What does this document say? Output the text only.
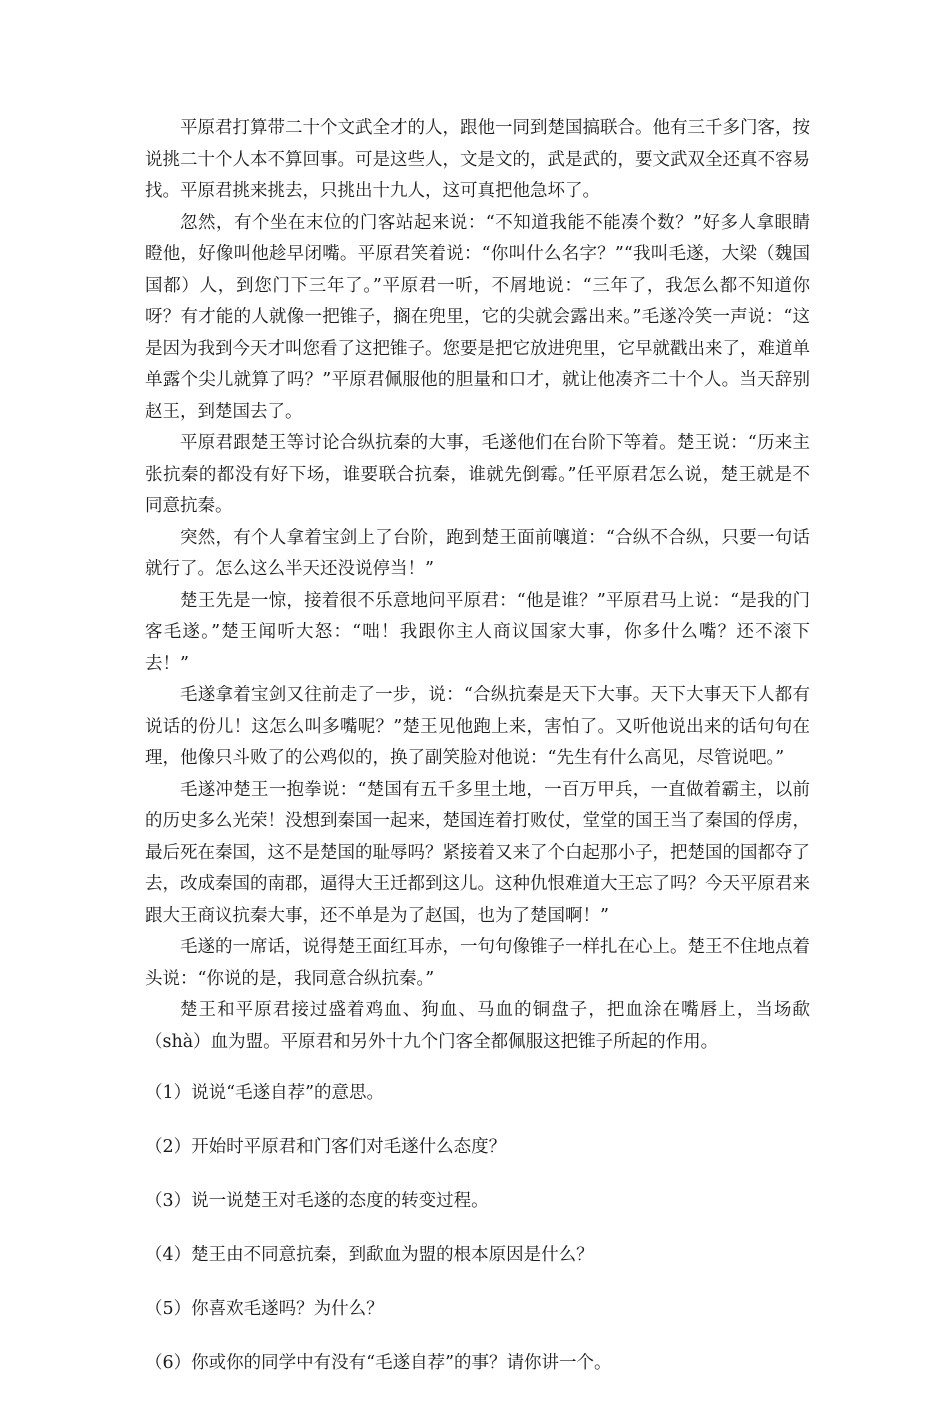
平原君打算带二十个文武全才的人，跟他一同到楚国搞联合。他有三千多门客，按说挑二十个人本不算回事。可是这些人，文是文的，武是武的，要文武双全还真不容易找。平原君挑来挑去，只挑出十九人，这可真把他急坏了。

忽然，有个坐在末位的门客站起来说：“不知道我能不能凑个数？”好多人拿眼睛瞪他，好像叫他趁早闭嘴。平原君笑着说：“你叫什么名字？”“我叫毛遂，大梁（魏国国都）人，到您门下三年了。”平原君一听，不屑地说：“三年了，我怎么都不知道你呀？有才能的人就像一把锥子，搁在兜里，它的尖就会露出来。”毛遂冷笑一声说：“这是因为我到今天才叫您看了这把锥子。您要是把它放进兜里，它早就戳出来了，难道单单露个尖儿就算了吗？”平原君佩服他的胆量和口才，就让他凑齐二十个人。当天辞别赵王，到楚国去了。

平原君跟楚王等讨论合纵抗秦的大事，毛遂他们在台阶下等着。楚王说：“历来主张抗秦的都没有好下场，谁要联合抗秦，谁就先倒霉。”任平原君怎么说，楚王就是不同意抗秦。

突然，有个人拿着宝剑上了台阶，跑到楚王面前嚷道：“合纵不合纵，只要一句话就行了。怎么这么半天还没说停当！”

楚王先是一惊，接着很不乐意地问平原君：“他是谁？”平原君马上说：“是我的门客毛遂。”楚王闻听大怒：“咄！我跟你主人商议国家大事，你多什么嘴？还不滚下去！”

毛遂拿着宝剑又往前走了一步，说：“合纵抗秦是天下大事。天下大事天下人都有说话的份儿！这怎么叫多嘴呢？”楚王见他跑上来，害怕了。又听他说出来的话句句在理，他像只斗败了的公鸡似的，换了副笑脸对他说：“先生有什么高见，尽管说吧。”

毛遂冲楚王一抱拳说：“楚国有五千多里土地，一百万甲兵，一直做着霸主，以前的历史多么光荣！没想到秦国一起来，楚国连着打败仗，堂堂的国王当了秦国的俘虏，最后死在秦国，这不是楚国的耻辱吗？紧接着又来了个白起那小子，把楚国的国都夺了去，改成秦国的南郡，逼得大王迁都到这儿。这种仇恨难道大王忘了吗？今天平原君来跟大王商议抗秦大事，还不单是为了赵国，也为了楚国啊！”

毛遂的一席话，说得楚王面红耳赤，一句句像锥子一样扎在心上。楚王不住地点着头说：“你说的是，我同意合纵抗秦。”

楚王和平原君接过盛着鸡血、狗血、马血的铜盘子，把血涂在嘴唇上，当场歃（shà）血为盟。平原君和另外十九个门客全都佩服这把锥子所起的作用。

（1）说说“毛遂自荐”的意思。

（2）开始时平原君和门客们对毛遂什么态度？

（3）说一说楚王对毛遂的态度的转变过程。

（4）楚王由不同意抗秦，到歃血为盟的根本原因是什么？

（5）你喜欢毛遂吗？为什么？

（6）你或你的同学中有没有“毛遂自荐”的事？请你讲一个。
